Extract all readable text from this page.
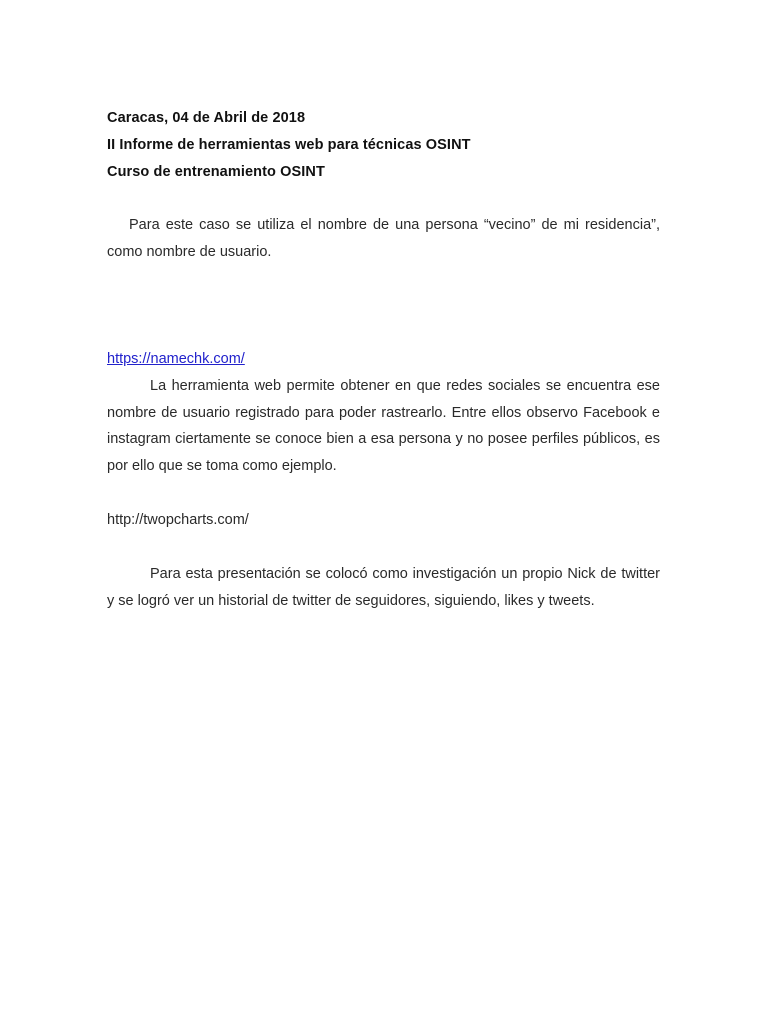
Caracas, 04 de Abril de 2018
II Informe de herramientas web para técnicas OSINT
Curso de entrenamiento OSINT
Para este caso se utiliza el nombre de una persona “vecino” de mi residencia”, como nombre de usuario.
https://namechk.com/
La herramienta web permite obtener en que redes sociales se encuentra ese nombre de usuario registrado para poder rastrearlo. Entre ellos observo Facebook e instagram ciertamente se conoce bien a esa persona y no posee perfiles públicos, es por ello que se toma como ejemplo.
http://twopcharts.com/
Para esta presentación se colocó como investigación un propio Nick de twitter y se logró ver un historial de twitter de seguidores, siguiendo, likes y tweets.
